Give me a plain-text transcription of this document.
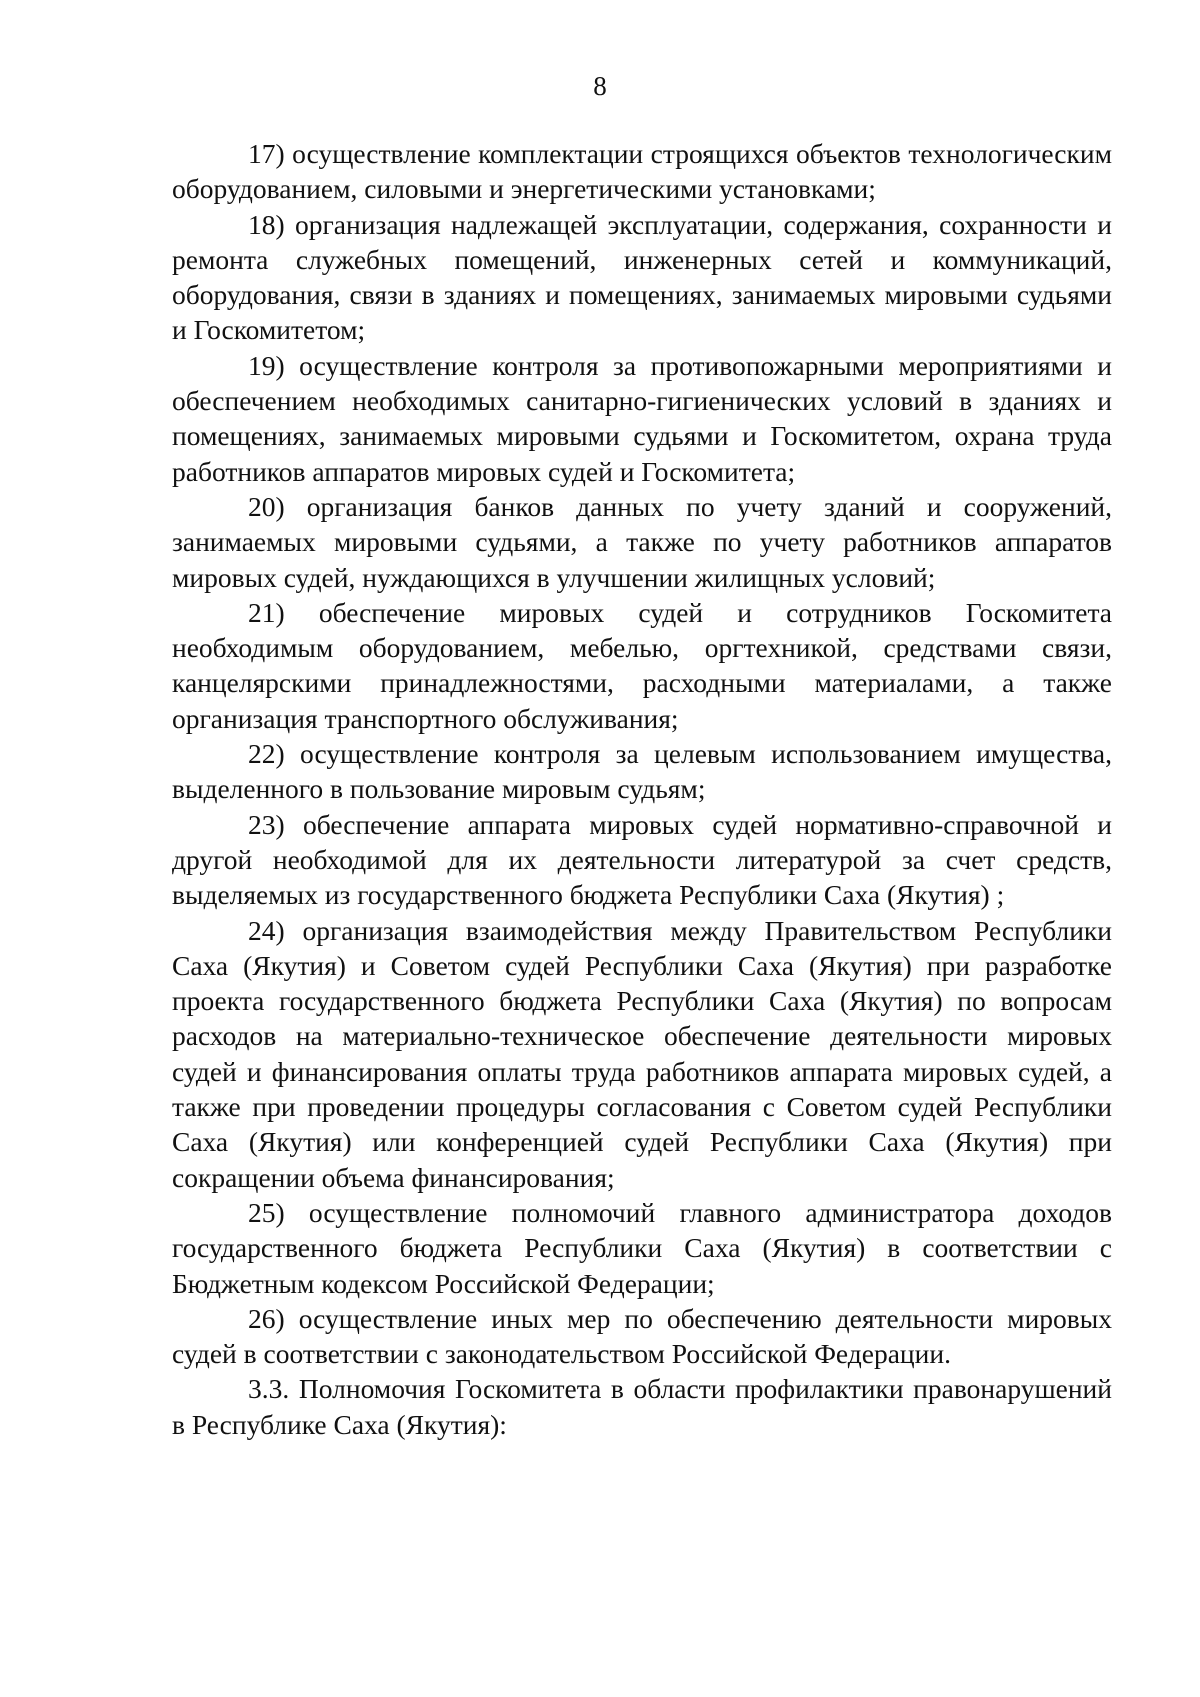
8

17) осуществление комплектации строящихся объектов технологическим оборудованием, силовыми и энергетическими установками;

18) организация надлежащей эксплуатации, содержания, сохранности и ремонта служебных помещений, инженерных сетей и коммуникаций, оборудования, связи в зданиях и помещениях, занимаемых мировыми судьями и Госкомитетом;

19) осуществление контроля за противопожарными мероприятиями и обеспечением необходимых санитарно-гигиенических условий в зданиях и помещениях, занимаемых мировыми судьями и Госкомитетом, охрана труда работников аппаратов мировых судей и Госкомитета;

20) организация банков данных по учету зданий и сооружений, занимаемых мировыми судьями, а также по учету работников аппаратов мировых судей, нуждающихся в улучшении жилищных условий;

21) обеспечение мировых судей и сотрудников Госкомитета необходимым оборудованием, мебелью, оргтехникой, средствами связи, канцелярскими принадлежностями, расходными материалами, а также организация транспортного обслуживания;

22) осуществление контроля за целевым использованием имущества, выделенного в пользование мировым судьям;

23) обеспечение аппарата мировых судей нормативно-справочной и другой необходимой для их деятельности литературой за счет средств, выделяемых из государственного бюджета Республики Саха (Якутия) ;

24) организация взаимодействия между Правительством Республики Саха (Якутия) и Советом судей Республики Саха (Якутия) при разработке проекта государственного бюджета Республики Саха (Якутия) по вопросам расходов на материально-техническое обеспечение деятельности мировых судей и финансирования оплаты труда работников аппарата мировых судей, а также при проведении процедуры согласования с Советом судей Республики Саха (Якутия) или конференцией судей Республики Саха (Якутия) при сокращении объема финансирования;

25) осуществление полномочий главного администратора доходов государственного бюджета Республики Саха (Якутия) в соответствии с Бюджетным кодексом Российской Федерации;

26) осуществление иных мер по обеспечению деятельности мировых судей в соответствии с законодательством Российской Федерации.

3.3. Полномочия Госкомитета в области профилактики правонарушений в Республике Саха (Якутия):
